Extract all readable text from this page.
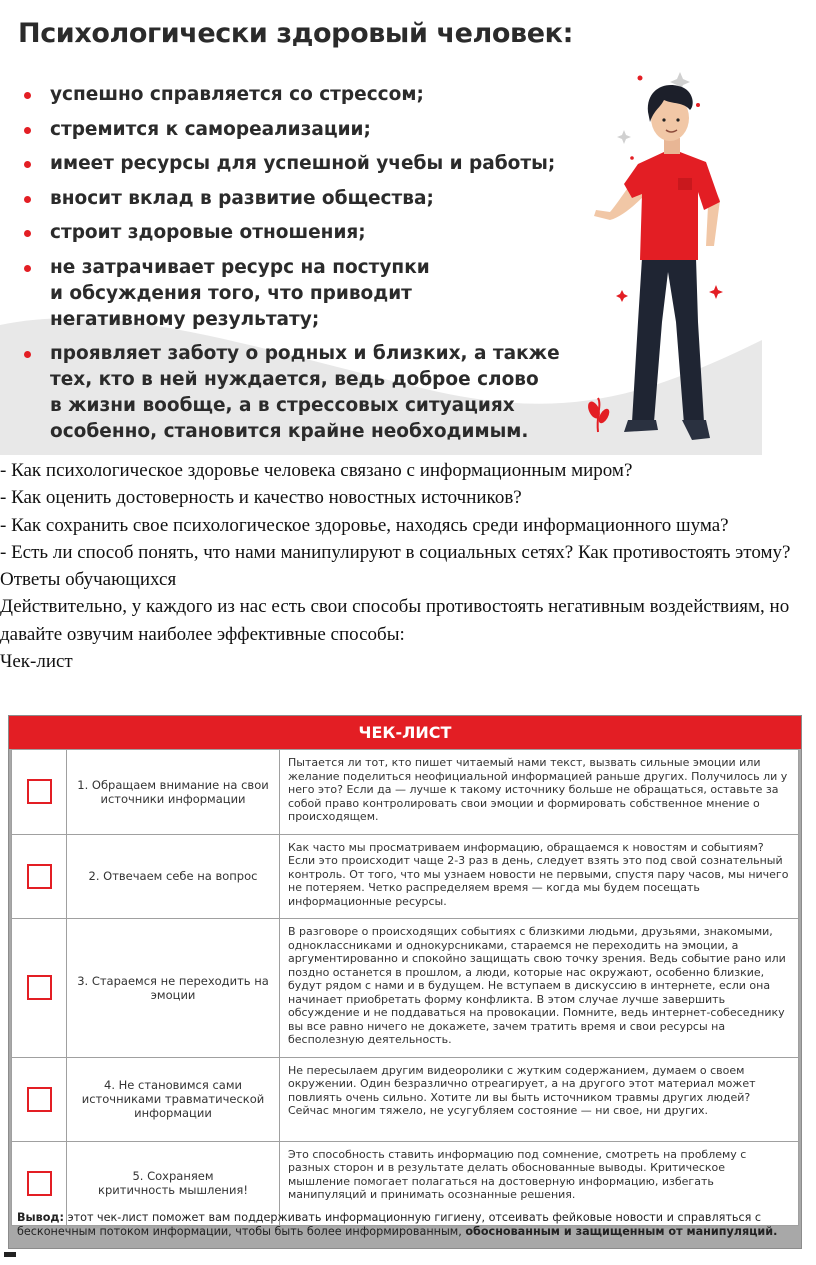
Психологически здоровый человек:
успешно справляется со стрессом;
стремится к самореализации;
имеет ресурсы для успешной учебы и работы;
вносит вклад в развитие общества;
строит здоровые отношения;
не затрачивает ресурс на поступки
и обсуждения того, что приводит
негативному результату;
проявляет заботу о родных и близких, а также
тех, кто в ней нуждается, ведь доброе слово
в жизни вообще, а в стрессовых ситуациях
особенно, становится крайне необходимым.

- Как психологическое здоровье человека связано с информационным миром?

- Как оценить достоверность и качество новостных источников?

- Как сохранить свое психологическое здоровье, находясь среди информационного шума?

- Есть ли способ понять, что нами манипулируют в социальных сетях? Как противостоять этому?

Ответы обучающихся

Действительно, у каждого из нас есть свои способы противостоять негативным воздействиям, но давайте озвучим наиболее эффективные способы:

Чек-лист

ЧЕК-ЛИСТ
	1. Обращаем внимание на свои источники информации	Пытается ли тот, кто пишет читаемый нами текст, вызвать сильные эмоции или желание поделиться неофициальной информацией раньше других. Получилось ли у него это? Если да — лучше к такому источнику больше не обращаться, оставьте за собой право контролировать свои эмоции и формировать собственное мнение о происходящем.
	2. Отвечаем себе на вопрос	Как часто мы просматриваем информацию, обращаемся к новостям и событиям? Если это происходит чаще 2-3 раз в день, следует взять это под свой сознательный контроль. От того, что мы узнаем новости не первыми, спустя пару часов, мы ничего не потеряем. Четко распределяем время — когда мы будем посещать информационные ресурсы.
	3. Стараемся не переходить на эмоции	В разговоре о происходящих событиях с близкими людьми, друзьями, знакомыми, одноклассниками и однокурсниками, стараемся не переходить на эмоции, а аргументированно и спокойно защищать свою точку зрения. Ведь событие рано или поздно останется в прошлом, а люди, которые нас окружают, особенно близкие, будут рядом с нами и в будущем. Не вступаем в дискуссию в интернете, если она начинает приобретать форму конфликта. В этом случае лучше завершить обсуждение и не поддаваться на провокации. Помните, ведь интернет-собеседнику вы все равно ничего не докажете, зачем тратить время и свои ресурсы на бесполезную деятельность.
	4. Не становимся сами источниками травматической информации	Не пересылаем другим видеоролики с жутким содержанием, думаем о своем окружении. Один безразлично отреагирует, а на другого этот материал может повлиять очень сильно. Хотите ли вы быть источником травмы других людей? Сейчас многим тяжело, не усугубляем состояние — ни свое, ни других.
	5. Сохраняем
критичность мышления!	Это способность ставить информацию под сомнение, смотреть на проблему с разных сторон и в результате делать обоснованные выводы. Критическое мышление помогает полагаться на достоверную информацию, избегать манипуляций и принимать осознанные решения.
Вывод: этот чек-лист поможет вам поддерживать информационную гигиену, отсеивать фейковые новости и справляться с бесконечным потоком информации, чтобы быть более информированным, обоснованным и защищенным от манипуляций.
